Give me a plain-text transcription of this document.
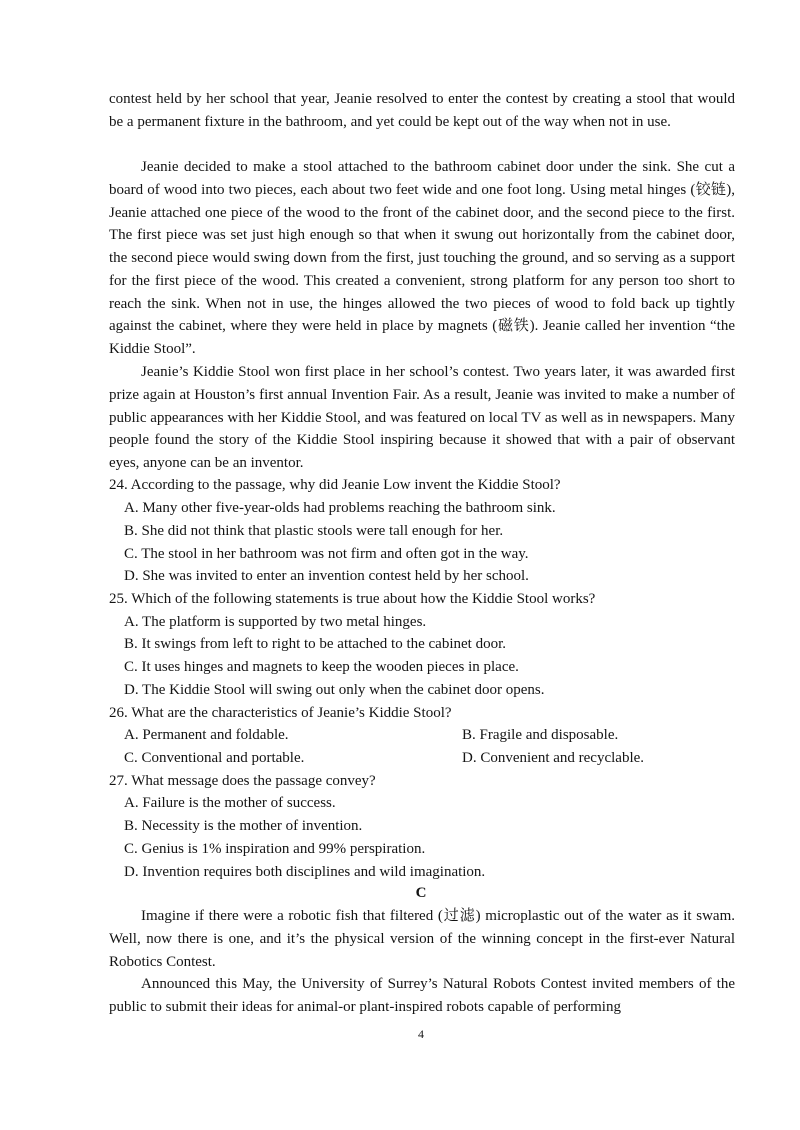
contest held by her school that year, Jeanie resolved to enter the contest by creating a stool that would be a permanent fixture in the bathroom, and yet could be kept out of the way when not in use.

Jeanie decided to make a stool attached to the bathroom cabinet door under the sink. She cut a board of wood into two pieces, each about two feet wide and one foot long. Using metal hinges (铰链), Jeanie attached one piece of the wood to the front of the cabinet door, and the second piece to the first. The first piece was set just high enough so that when it swung out horizontally from the cabinet door, the second piece would swing down from the first, just touching the ground, and so serving as a support for the first piece of the wood. This created a convenient, strong platform for any person too short to reach the sink. When not in use, the hinges allowed the two pieces of wood to fold back up tightly against the cabinet, where they were held in place by magnets (磁铁). Jeanie called her invention “the Kiddie Stool”.

Jeanie’s Kiddie Stool won first place in her school’s contest. Two years later, it was awarded first prize again at Houston’s first annual Invention Fair. As a result, Jeanie was invited to make a number of public appearances with her Kiddie Stool, and was featured on local TV as well as in newspapers. Many people found the story of the Kiddie Stool inspiring because it showed that with a pair of observant eyes, anyone can be an inventor.

24. According to the passage, why did Jeanie Low invent the Kiddie Stool?

A. Many other five-year-olds had problems reaching the bathroom sink.

B. She did not think that plastic stools were tall enough for her.

C. The stool in her bathroom was not firm and often got in the way.

D. She was invited to enter an invention contest held by her school.

25. Which of the following statements is true about how the Kiddie Stool works?

A. The platform is supported by two metal hinges.

B. It swings from left to right to be attached to the cabinet door.

C. It uses hinges and magnets to keep the wooden pieces in place.

D. The Kiddie Stool will swing out only when the cabinet door opens.

26. What are the characteristics of Jeanie’s Kiddie Stool?

A. Permanent and foldable.	B. Fragile and disposable.

C. Conventional and portable.	D. Convenient and recyclable.

27. What message does the passage convey?

A. Failure is the mother of success.

B. Necessity is the mother of invention.

C. Genius is 1% inspiration and 99% perspiration.

D. Invention requires both disciplines and wild imagination.

C

Imagine if there were a robotic fish that filtered (过滤) microplastic out of the water as it swam. Well, now there is one, and it’s the physical version of the winning concept in the first-ever Natural Robotics Contest.

Announced this May, the University of Surrey’s Natural Robots Contest invited members of the public to submit their ideas for animal-or plant-inspired robots capable of performing

4
